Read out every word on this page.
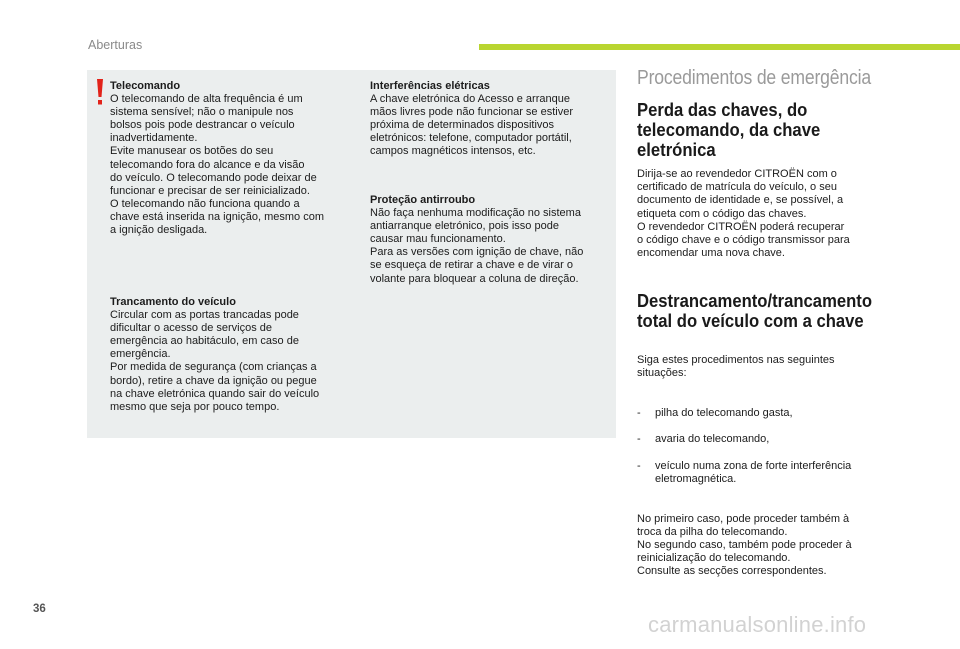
Aberturas
Telecomando
O telecomando de alta frequência é um
sistema sensível; não o manipule nos
bolsos pois pode destrancar o veículo
inadvertidamente.
Evite manusear os botões do seu
telecomando fora do alcance e da visão
do veículo. O telecomando pode deixar de
funcionar e precisar de ser reinicializado.
O telecomando não funciona quando a
chave está inserida na ignição, mesmo com
a ignição desligada.
Trancamento do veículo
Circular com as portas trancadas pode
dificultar o acesso de serviços de
emergência ao habitáculo, em caso de
emergência.
Por medida de segurança (com crianças a
bordo), retire a chave da ignição ou pegue
na chave eletrónica quando sair do veículo
mesmo que seja por pouco tempo.
Interferências elétricas
A chave eletrónica do Acesso e arranque
mãos livres pode não funcionar se estiver
próxima de determinados dispositivos
eletrónicos: telefone, computador portátil,
campos magnéticos intensos, etc.
Proteção antirroubo
Não faça nenhuma modificação no sistema
antiarranque eletrónico, pois isso pode
causar mau funcionamento.
Para as versões com ignição de chave, não
se esqueça de retirar a chave e de virar o
volante para bloquear a coluna de direção.
Procedimentos de emergência
Perda das chaves, do
telecomando, da chave
eletrónica
Dirija-se ao revendedor CITROËN com o
certificado de matrícula do veículo, o seu
documento de identidade e, se possível, a
etiqueta com o código das chaves.
O revendedor CITROËN poderá recuperar
o código chave e o código transmissor para
encomendar uma nova chave.
Destrancamento/trancamento
total do veículo com a chave

Siga estes procedimentos nas seguintes
situações:

- pilha do telecomando gasta,

- avaria do telecomando,

- veículo numa zona de forte interferência
eletromagnética.

No primeiro caso, pode proceder também à
troca da pilha do telecomando.
No segundo caso, também pode proceder à
reinicialização do telecomando.
Consulte as secções correspondentes.

36
carmanualsonline.info
